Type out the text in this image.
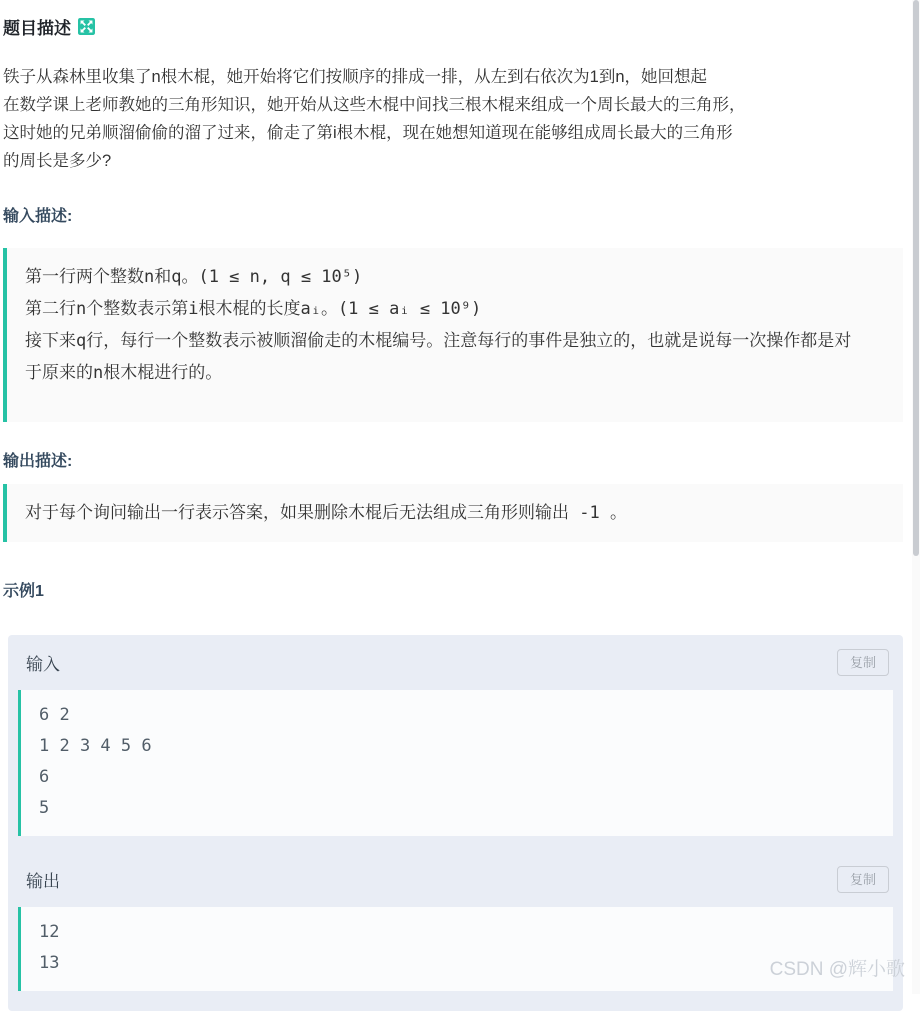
题目描述
铁子从森林里收集了n根木棍，她开始将它们按顺序的排成一排，从左到右依次为1到n，她回想起
在数学课上老师教她的三角形知识，她开始从这些木棍中间找三根木棍来组成一个周长最大的三角形，
这时她的兄弟顺溜偷偷的溜了过来，偷走了第i根木棍，现在她想知道现在能够组成周长最大的三角形
的周长是多少?
输入描述:
第一行两个整数n和q。(1 ≤ n, q ≤ 10⁵)
第二行n个整数表示第i根木棍的长度aᵢ。(1 ≤ aᵢ ≤ 10⁹)
接下来q行，每行一个整数表示被顺溜偷走的木棍编号。注意每行的事件是独立的，也就是说每一次操作都是对
于原来的n根木棍进行的。
输出描述:
对于每个询问输出一行表示答案，如果删除木棍后无法组成三角形则输出 -1 。
示例1
输入	复制
6 2
1 2 3 4 5 6
6
5
输出	复制
12
13	CSDN @辉小歌
